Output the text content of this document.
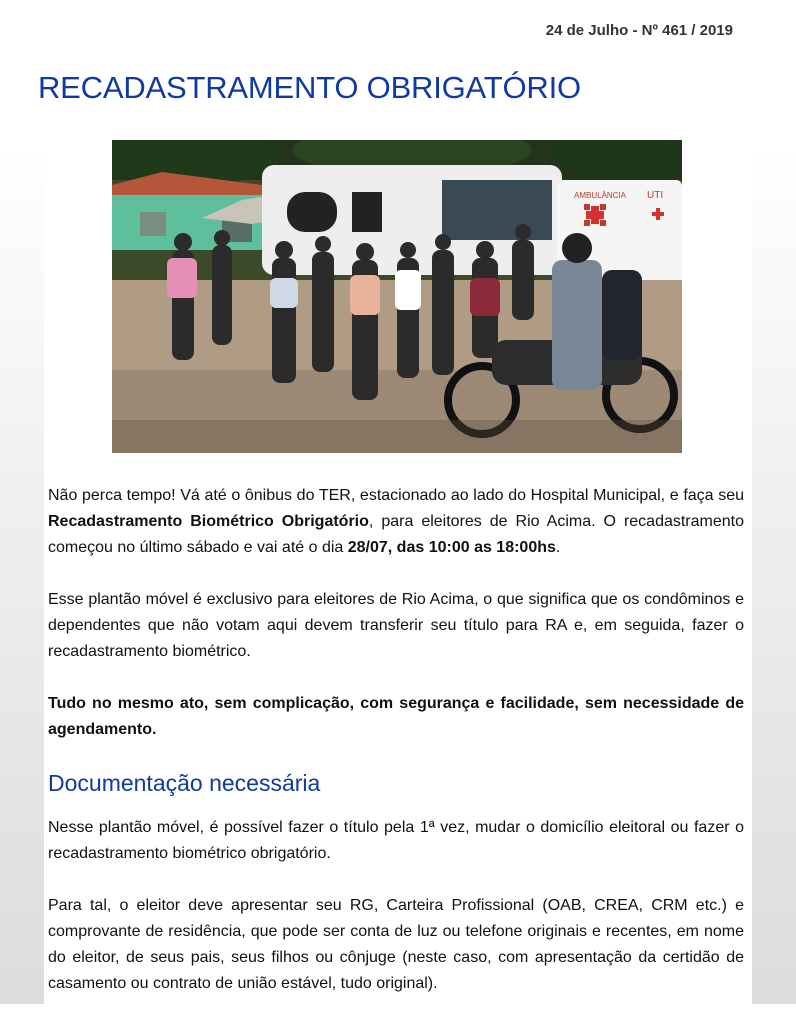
24 de Julho - Nº 461 / 2019
RECADASTRAMENTO OBRIGATÓRIO
AMBULÂNCIA UTI

Não perca tempo! Vá até o ônibus do TER, estacionado ao lado do Hospital Municipal, e faça seu Recadastramento Biométrico Obrigatório, para eleitores de Rio Acima. O recadastramento começou no último sábado e vai até o dia 28/07, das 10:00 as 18:00hs.

Esse plantão móvel é exclusivo para eleitores de Rio Acima, o que significa que os condôminos e dependentes que não votam aqui devem transferir seu título para RA e, em seguida, fazer o recadastramento biométrico.

Tudo no mesmo ato, sem complicação, com segurança e facilidade, sem necessidade de agendamento.

Documentação necessária

Nesse plantão móvel, é possível fazer o título pela 1ª vez, mudar o domicílio eleitoral ou fazer o recadastramento biométrico obrigatório.

Para tal, o eleitor deve apresentar seu RG, Carteira Profissional (OAB, CREA, CRM etc.) e comprovante de residência, que pode ser conta de luz ou telefone originais e recentes, em nome do eleitor, de seus pais, seus filhos ou cônjuge (neste caso, com apresentação da certidão de casamento ou contrato de união estável, tudo original).
